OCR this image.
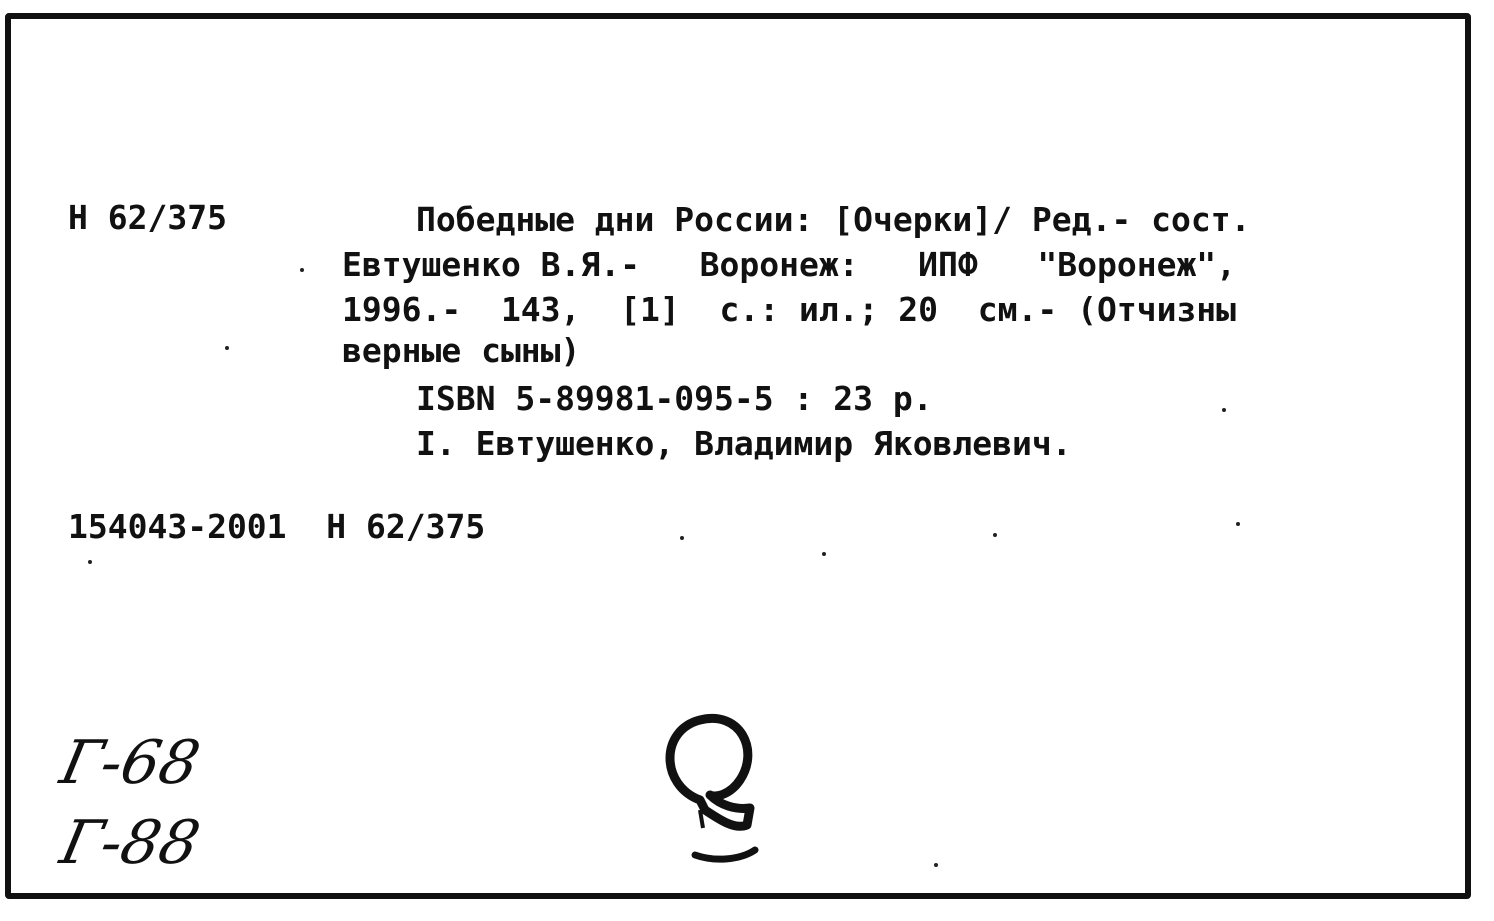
Н 62/375	Победные дни России: [Очерки]/ Ред.- сост.
Евтушенко В.Я.-   Воронеж:   ИПФ   "Воронеж",
1996.-  143,  [1]  с.: ил.; 20  см.- (Отчизны
верные сыны)
ISBN 5-89981-095-5 : 23 р.
I. Евтушенко, Владимир Яковлевич.
154043-2001  Н 62/375
Г-68
Г-88
